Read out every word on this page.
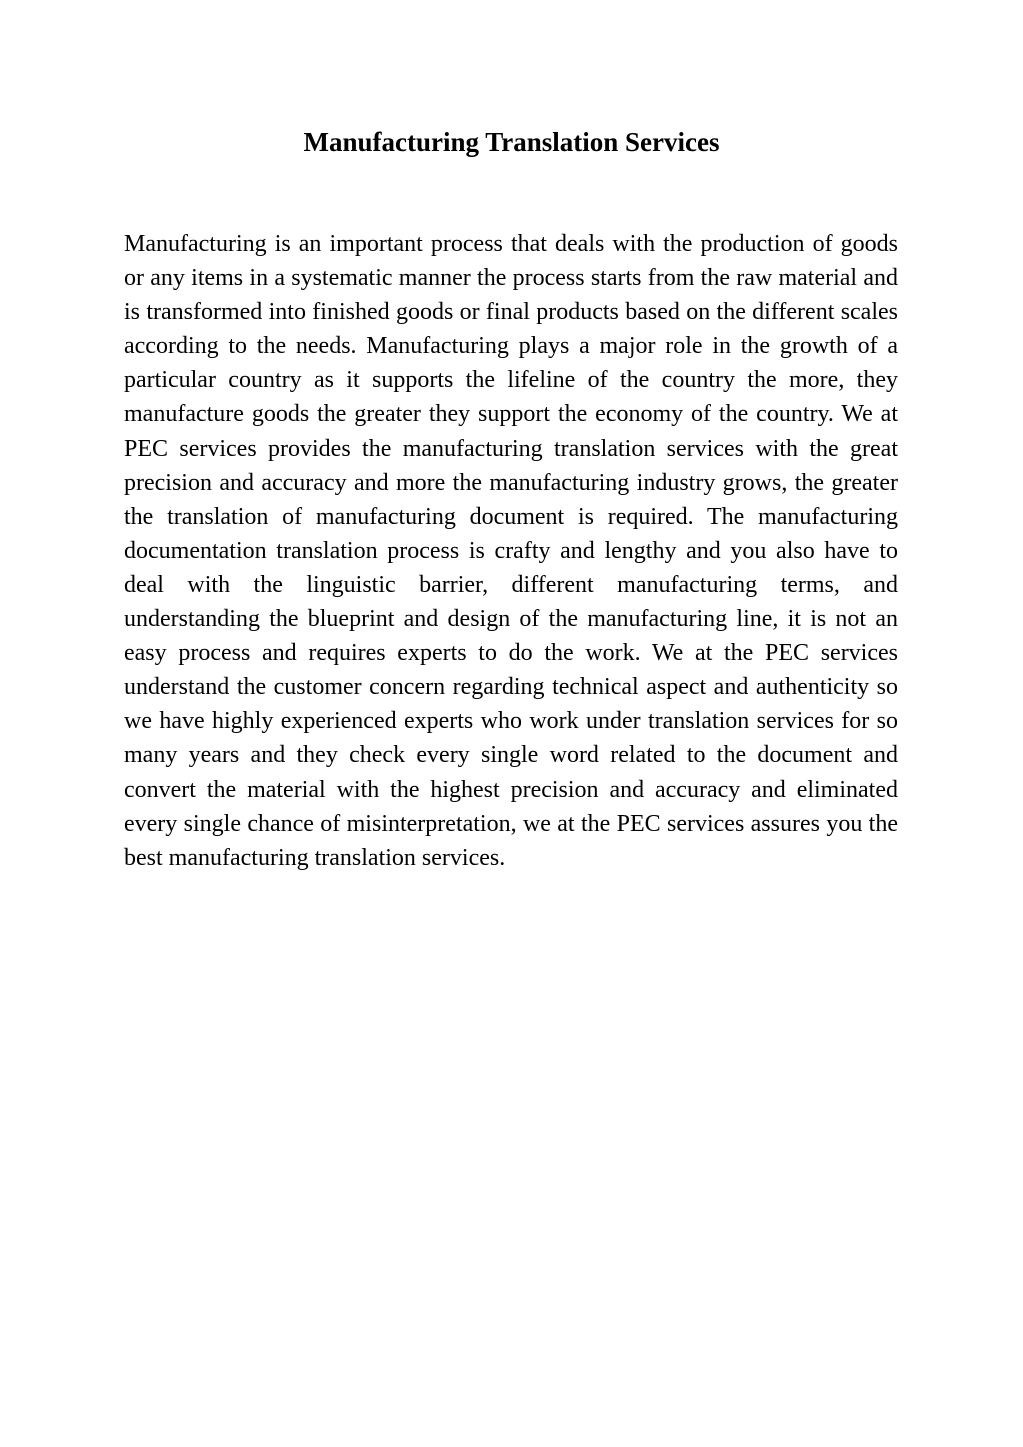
Manufacturing Translation Services

Manufacturing is an important process that deals with the production of goods or any items in a systematic manner the process starts from the raw material and is transformed into finished goods or final products based on the different scales according to the needs. Manufacturing plays a major role in the growth of a particular country as it supports the lifeline of the country the more, they manufacture goods the greater they support the economy of the country. We at PEC services provides the manufacturing translation services with the great precision and accuracy and more the manufacturing industry grows, the greater the translation of manufacturing document is required. The manufacturing documentation translation process is crafty and lengthy and you also have to deal with the linguistic barrier, different manufacturing terms, and understanding the blueprint and design of the manufacturing line, it is not an easy process and requires experts to do the work. We at the PEC services understand the customer concern regarding technical aspect and authenticity so we have highly experienced experts who work under translation services for so many years and they check every single word related to the document and convert the material with the highest precision and accuracy and eliminated every single chance of misinterpretation, we at the PEC services assures you the best manufacturing translation services.
